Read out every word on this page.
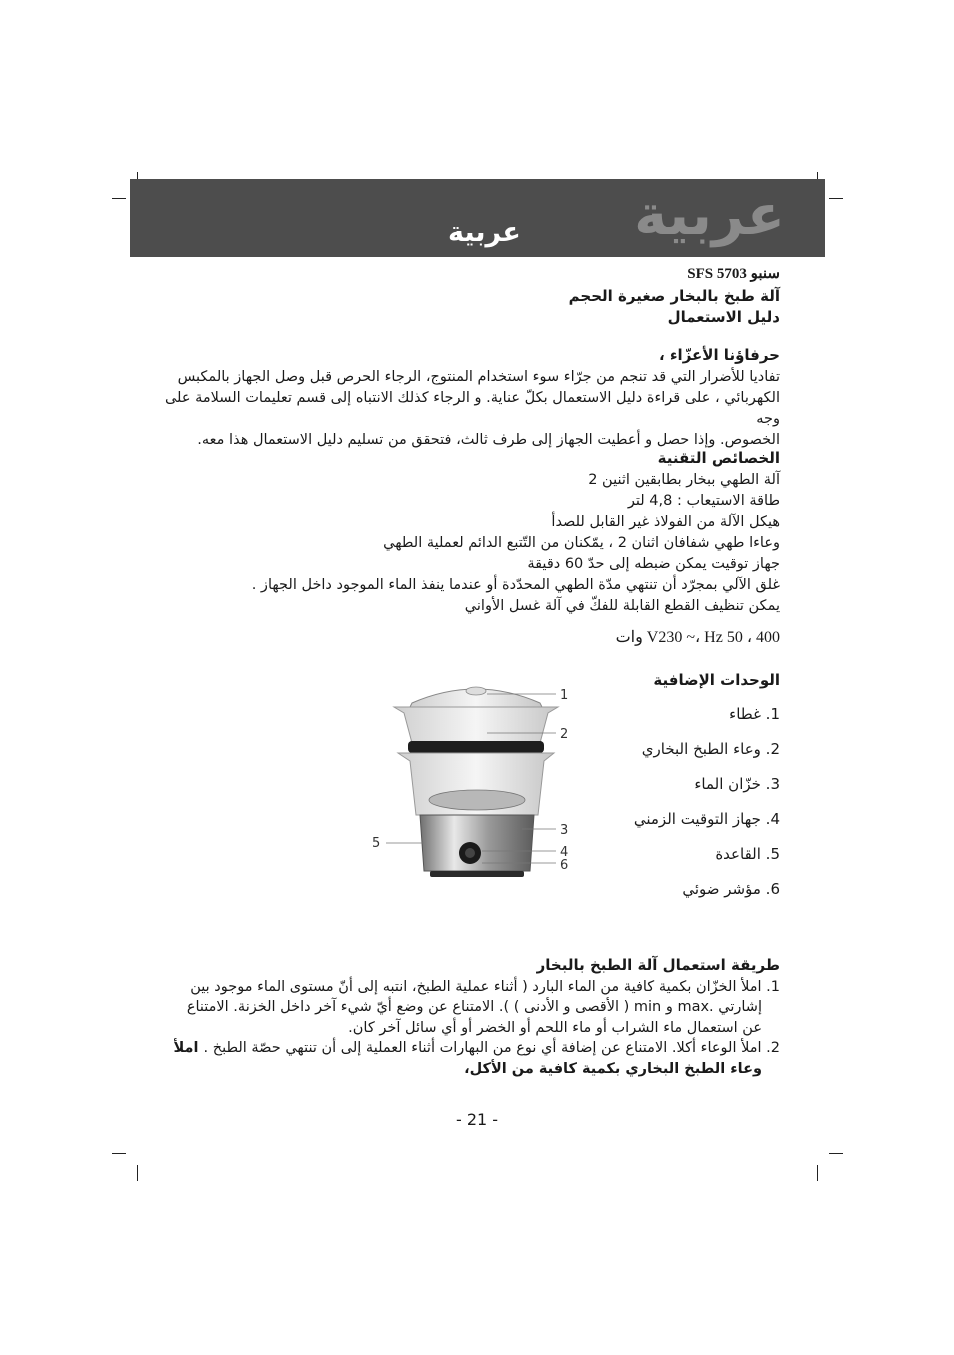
عربية
عربية
سنبو SFS 5703
آلة طبخ بالبخار صغيرة الحجم
دليل الاستعمال
حرفاؤنا الأعزّاء ،
تفاديا للأضرار التي قد تنجم من جرّاء سوء استخدام المنتوج، الرجاء الحرص قبل وصل الجهاز بالمكبس
الكهربائي ، على قراءة دليل الاستعمال بكلّ عناية. و الرجاء كذلك الانتباه إلى قسم تعليمات السلامة على وجه
الخصوص. وإذا حصل و أعطيت الجهاز إلى طرف ثالث، فتحقق من تسليم دليل الاستعمال هذا معه.
الخصائص التقنية
آلة الطهي ببخار بطابقين اثنين 2
طاقة الاستيعاب : 4,8 لتر
هيكل الآلة من الفولاذ غير القابل للصدأ
وعاءا طهي شفافان اثنان 2 ، يمّكنان من التّتبع الدائم لعملية الطهي
جهاز توقيت يمكن ضبطه إلى حدّ 60 دقيقة
غلق الآلي بمجرّد أن تنتهي مدّة الطهي المحدّدة أو عندما ينفذ الماء الموجود داخل الجهاز .
يمكن تنظيف القطع القابلة للفكّ في آلة غسل الأواني
V230 ~، Hz 50 ، 400 وات
الوحدات الإضافية
1. غطاء
2. وعاء الطبخ البخاري
3. خزّان الماء
4. جهاز التوقيت الزمني
5. القاعدة
6. مؤشر ضوئي
1
2
3
4
6
5
طريقة استعمال آلة الطبخ بالبخار
1. املأ الخزّان بكمية كافية من الماء البارد ( أثناء عملية الطبخ، انتبه إلى أنّ مستوى الماء موجود بين
إشارتي .max و min ( الأقصى و الأدنى ) ). الامتناع عن وضع أيّ شيء آخر داخل الخزنة. الامتناع
عن استعمال ماء الشراب أو ماء اللحم أو الخضر أو أي سائل آخر كان.
2. املأ الوعاء أكلا. الامتناع عن إضافة أي نوع من البهارات أثناء العملية إلى أن تنتهي حصّة الطبخ . املأ
وعاء الطبخ البخاري بكمية كافية من الأكل،
- 21 -
